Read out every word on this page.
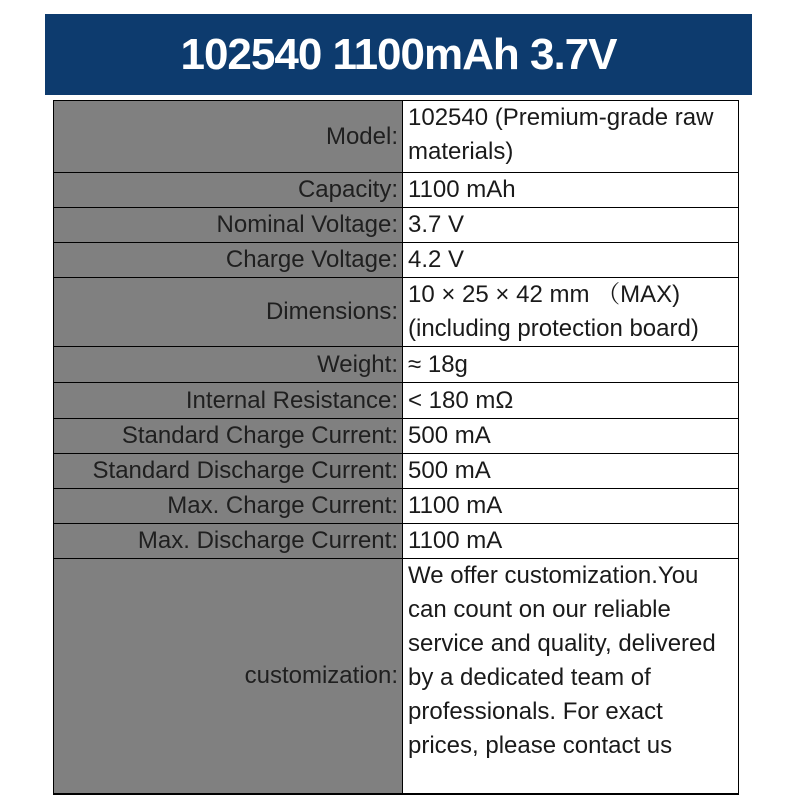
102540 1100mAh 3.7V
Model:	102540 (Premium-grade raw materials)
Capacity:	1100 mAh
Nominal Voltage:	3.7 V
Charge Voltage:	4.2 V
Dimensions:	10 × 25 × 42 mm （MAX) (including protection board)
Weight:	≈ 18g
Internal Resistance:	< 180 mΩ
Standard Charge Current:	500 mA
Standard Discharge Current:	500 mA
Max. Charge Current:	1100 mA
Max. Discharge Current:	1100 mA
customization:	We offer customization.You can count on our reliable service and quality, delivered by a dedicated team of professionals. For exact prices, please contact us
